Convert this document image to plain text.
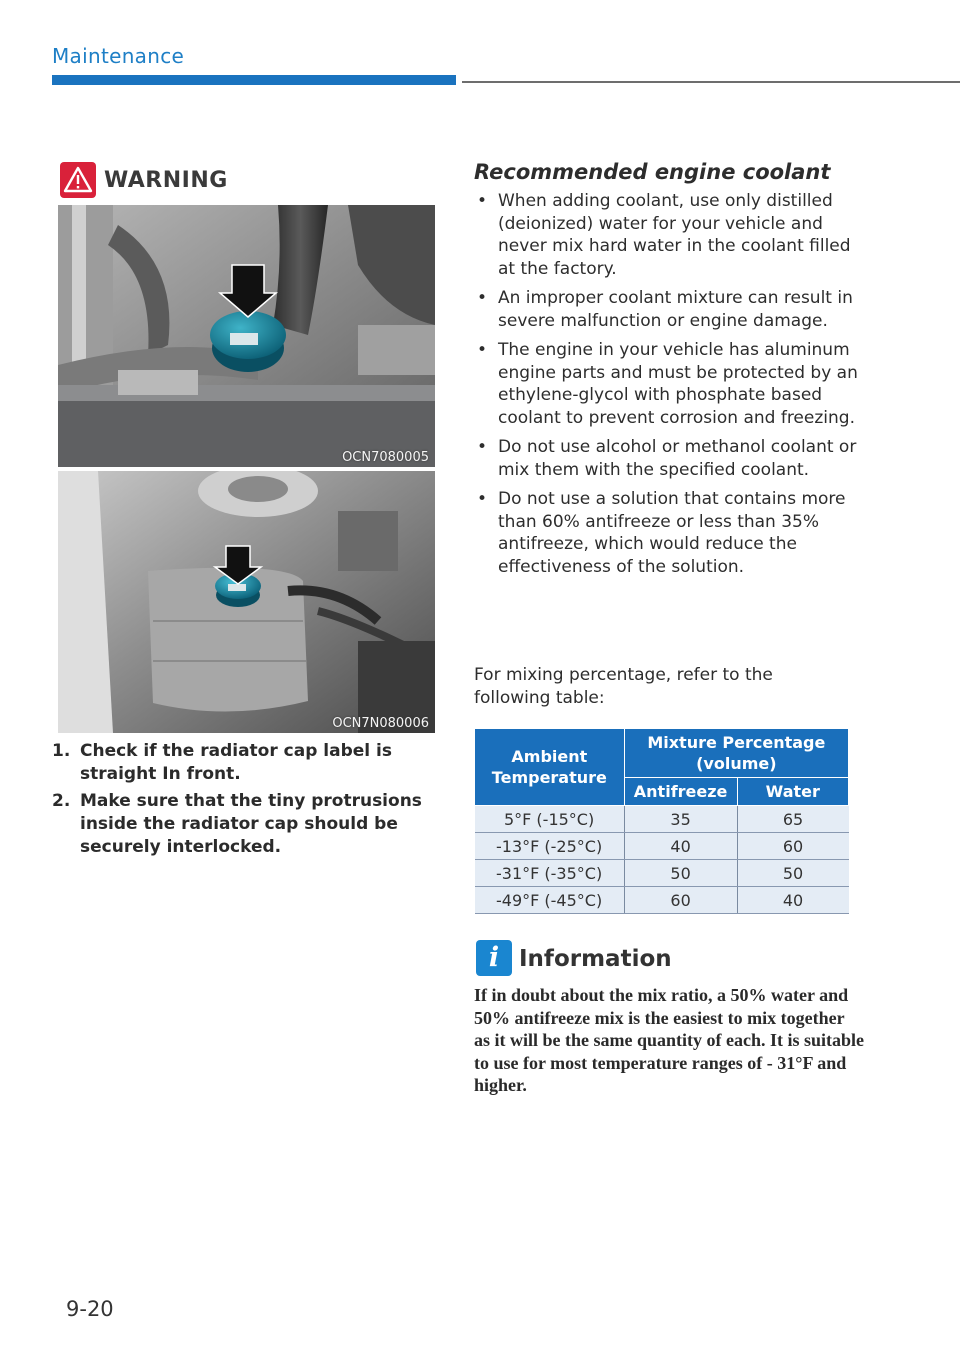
Maintenance
WARNING
OCN7080005
OCN7N080006
1. Check if the radiator cap label is straight In front.
2. Make sure that the tiny protrusions inside the radiator cap should be securely interlocked.
Recommended engine coolant
• When adding coolant, use only distilled (deionized) water for your vehicle and never mix hard water in the coolant filled at the factory.
• An improper coolant mixture can result in severe malfunction or engine damage.
• The engine in your vehicle has aluminum engine parts and must be protected by an ethylene-glycol with phosphate based coolant to prevent corrosion and freezing.
• Do not use alcohol or methanol coolant or mix them with the specified coolant.
• Do not use a solution that contains more than 60% antifreeze or less than 35% antifreeze, which would reduce the effectiveness of the solution.
For mixing percentage, refer to the following table:
Ambient Temperature	Mixture Percentage (volume)	
	Antifreeze	Water
5°F (-15°C)	35	65
-13°F (-25°C)	40	60
-31°F (-35°C)	50	50
-49°F (-45°C)	60	40
i Information
If in doubt about the mix ratio, a 50% water and 50% antifreeze mix is the easiest to mix together as it will be the same quantity of each. It is suitable to use for most temperature ranges of - 31°F and higher.
9-20
